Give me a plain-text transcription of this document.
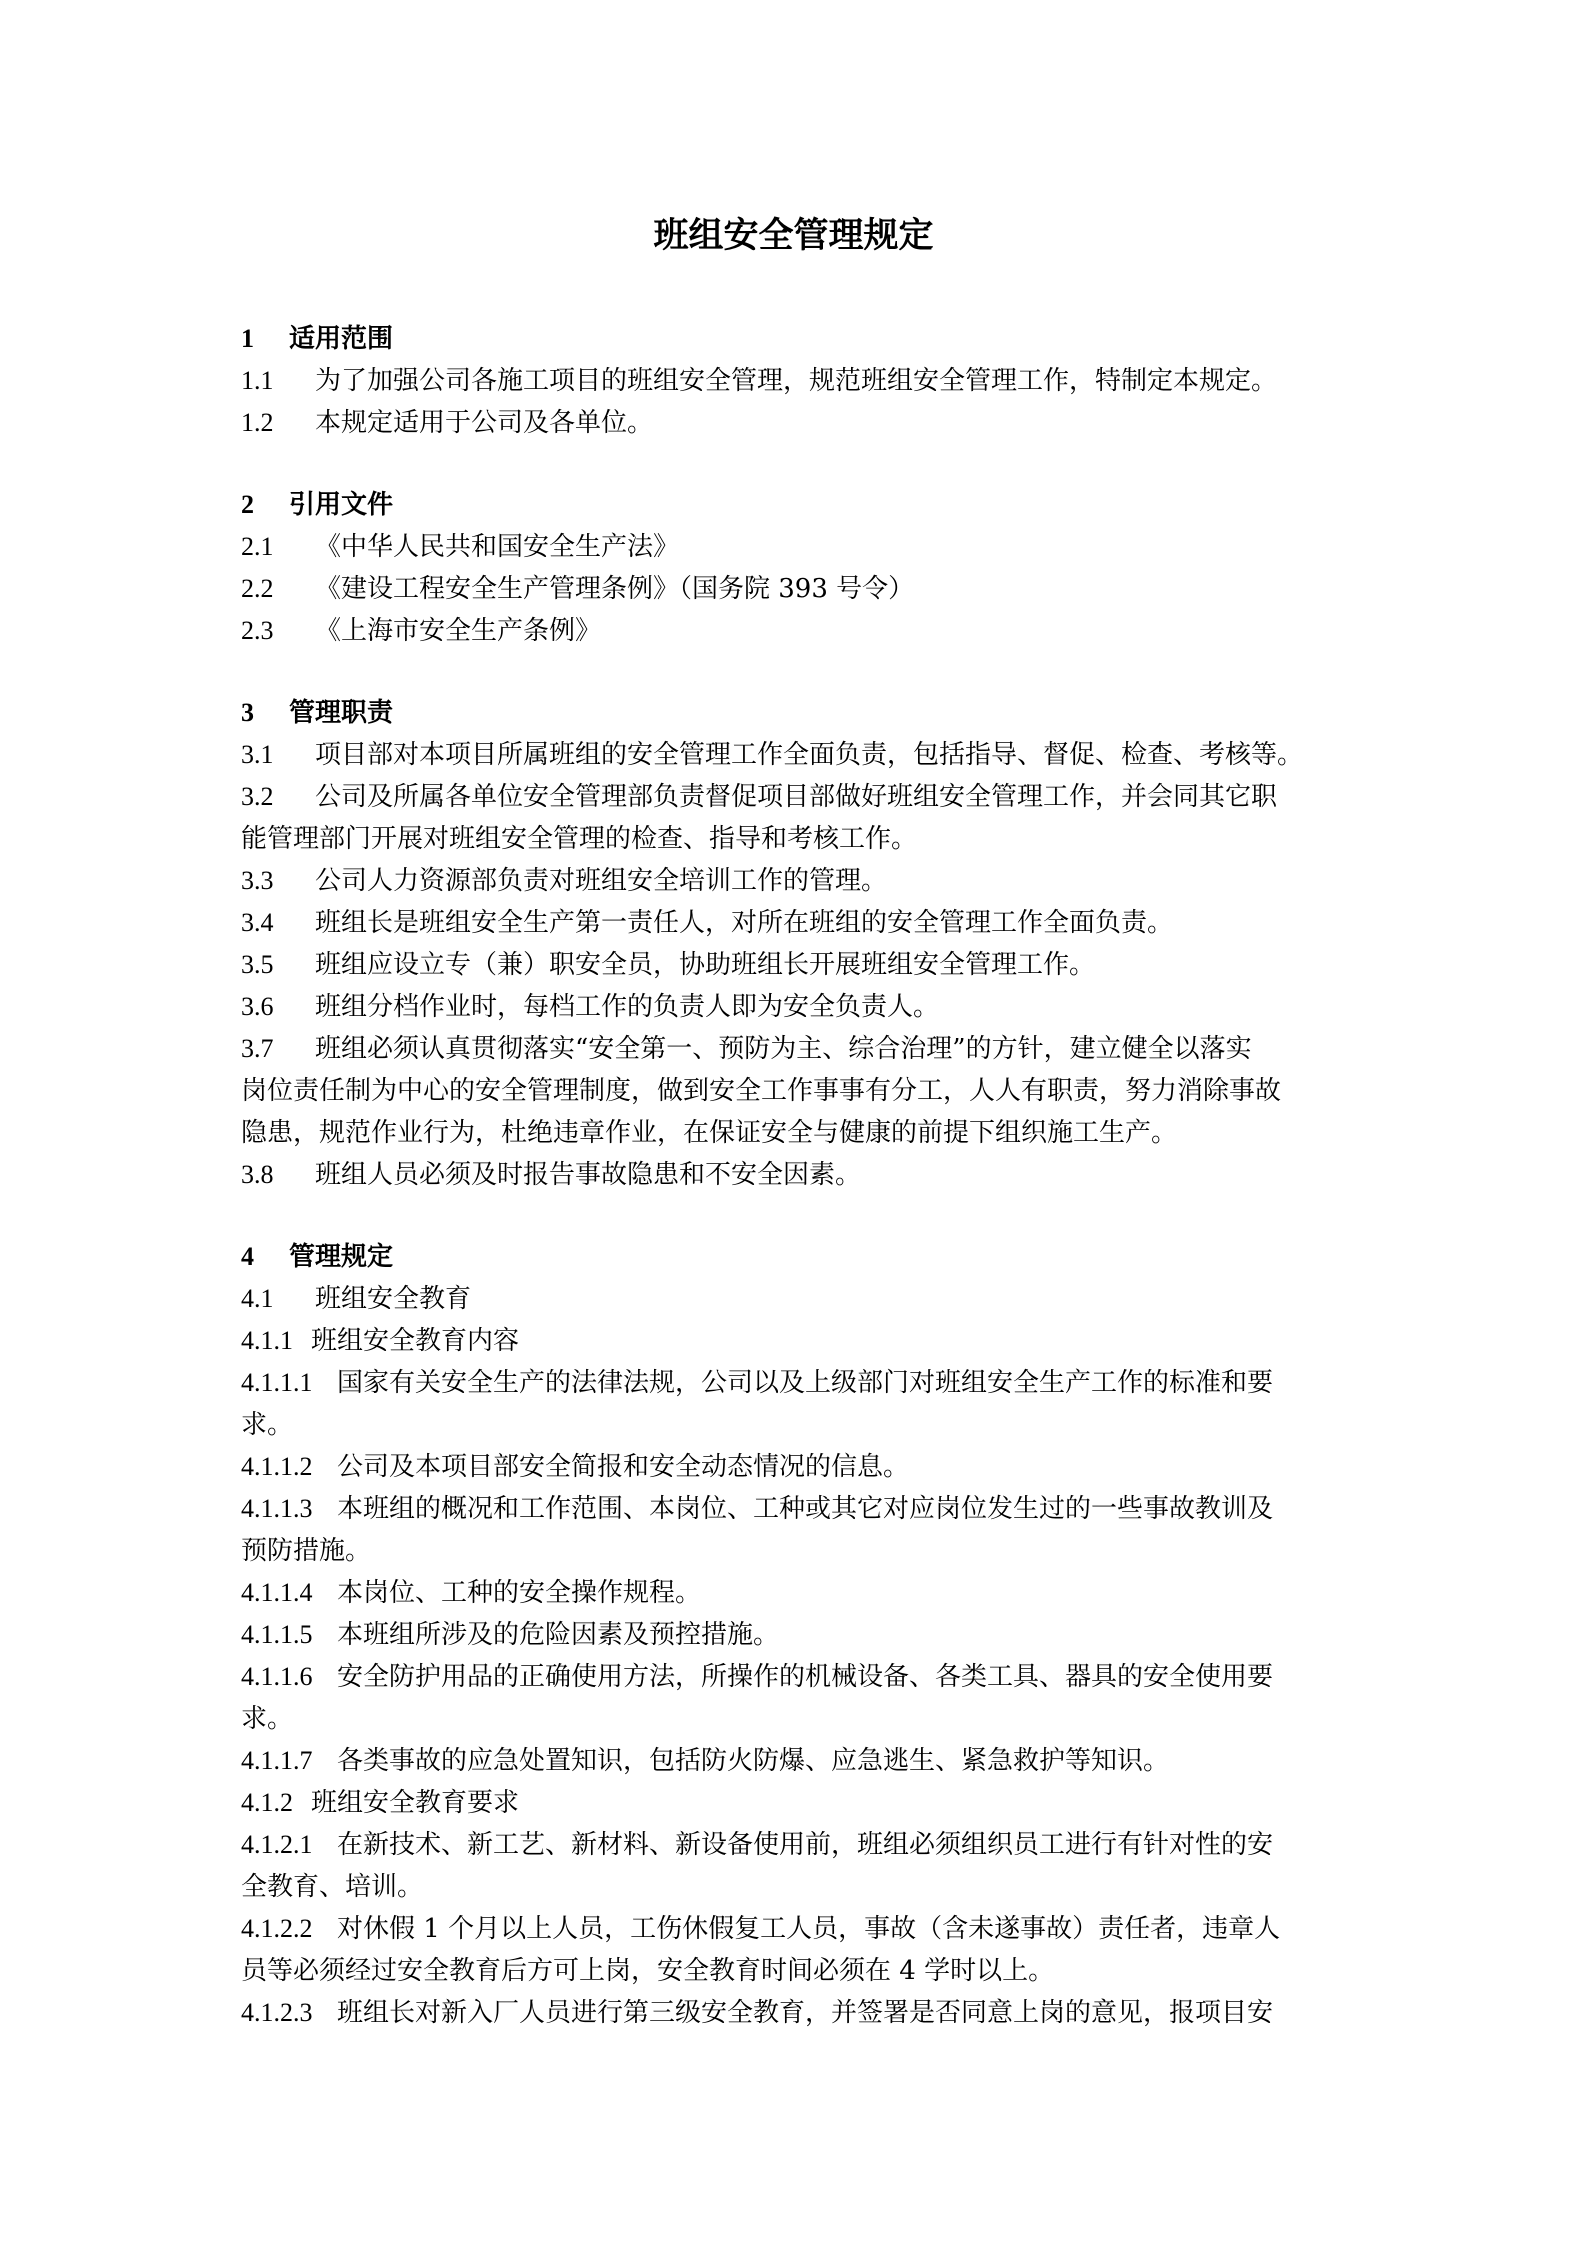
班组安全管理规定
1 适用范围
1.1 为了加强公司各施工项目的班组安全管理，规范班组安全管理工作，特制定本规定。
1.2 本规定适用于公司及各单位。
2 引用文件
2.1 《中华人民共和国安全生产法》
2.2 《建设工程安全生产管理条例》（国务院 393 号令）
2.3 《上海市安全生产条例》
3 管理职责
3.1 项目部对本项目所属班组的安全管理工作全面负责，包括指导、督促、检查、考核等。
3.2 公司及所属各单位安全管理部负责督促项目部做好班组安全管理工作，并会同其它职
能管理部门开展对班组安全管理的检查、指导和考核工作。
3.3 公司人力资源部负责对班组安全培训工作的管理。
3.4 班组长是班组安全生产第一责任人，对所在班组的安全管理工作全面负责。
3.5 班组应设立专（兼）职安全员，协助班组长开展班组安全管理工作。
3.6 班组分档作业时，每档工作的负责人即为安全负责人。
3.7 班组必须认真贯彻落实“安全第一、预防为主、综合治理”的方针，建立健全以落实
岗位责任制为中心的安全管理制度，做到安全工作事事有分工，人人有职责，努力消除事故
隐患，规范作业行为，杜绝违章作业，在保证安全与健康的前提下组织施工生产。
3.8 班组人员必须及时报告事故隐患和不安全因素。
4 管理规定
4.1 班组安全教育
4.1.1 班组安全教育内容
4.1.1.1 国家有关安全生产的法律法规，公司以及上级部门对班组安全生产工作的标准和要
求。
4.1.1.2 公司及本项目部安全简报和安全动态情况的信息。
4.1.1.3 本班组的概况和工作范围、本岗位、工种或其它对应岗位发生过的一些事故教训及
预防措施。
4.1.1.4 本岗位、工种的安全操作规程。
4.1.1.5 本班组所涉及的危险因素及预控措施。
4.1.1.6 安全防护用品的正确使用方法，所操作的机械设备、各类工具、器具的安全使用要
求。
4.1.1.7 各类事故的应急处置知识，包括防火防爆、应急逃生、紧急救护等知识。
4.1.2 班组安全教育要求
4.1.2.1 在新技术、新工艺、新材料、新设备使用前，班组必须组织员工进行有针对性的安
全教育、培训。
4.1.2.2 对休假 1 个月以上人员，工伤休假复工人员，事故（含未遂事故）责任者，违章人
员等必须经过安全教育后方可上岗，安全教育时间必须在 4 学时以上。
4.1.2.3 班组长对新入厂人员进行第三级安全教育，并签署是否同意上岗的意见，报项目安
